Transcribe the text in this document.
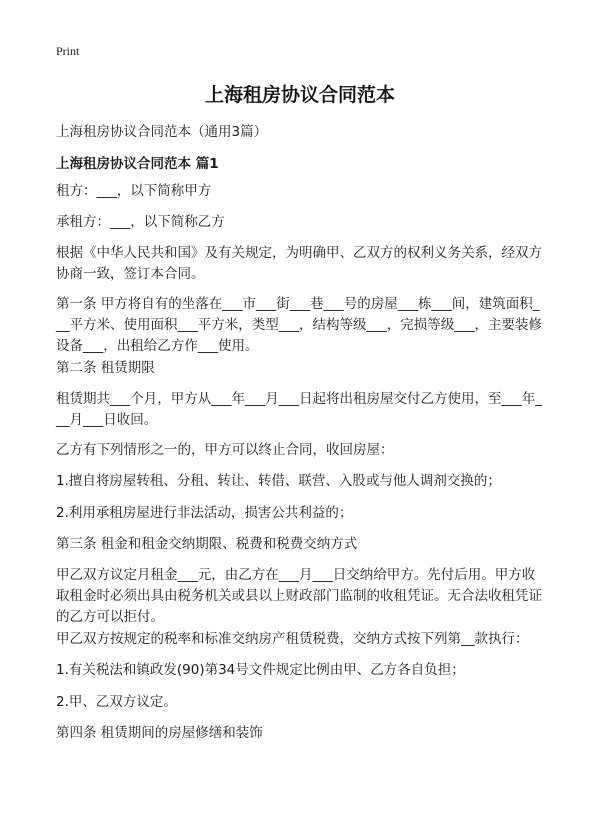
Print
上海租房协议合同范本
上海租房协议合同范本（通用3篇）
上海租房协议合同范本 篇1
租方：___，以下简称甲方
承租方：___，以下简称乙方
根据《中华人民共和国》及有关规定，为明确甲、乙双方的权利义务关系，经双方协商一致，签订本合同。
第一条 甲方将自有的坐落在___市___街___巷___号的房屋___栋___间，建筑面积___平方米、使用面积___平方米，类型___，结构等级___，完损等级___，主要装修设备___，出租给乙方作___使用。
第二条 租赁期限
租赁期共___个月，甲方从___年___月___日起将出租房屋交付乙方使用，至___年___月___日收回。
乙方有下列情形之一的，甲方可以终止合同，收回房屋：
1.擅自将房屋转租、分租、转让、转借、联营、入股或与他人调剂交换的；
2.利用承租房屋进行非法活动，损害公共利益的；
第三条 租金和租金交纳期限、税费和税费交纳方式
甲乙双方议定月租金___元，由乙方在___月___日交纳给甲方。先付后用。甲方收取租金时必须出具由税务机关或县以上财政部门监制的收租凭证。无合法收租凭证的乙方可以拒付。
甲乙双方按规定的税率和标准交纳房产租赁税费，交纳方式按下列第__款执行：
1.有关税法和镇政发(90)第34号文件规定比例由甲、乙方各自负担；
2.甲、乙双方议定。
第四条 租赁期间的房屋修缮和装饰
